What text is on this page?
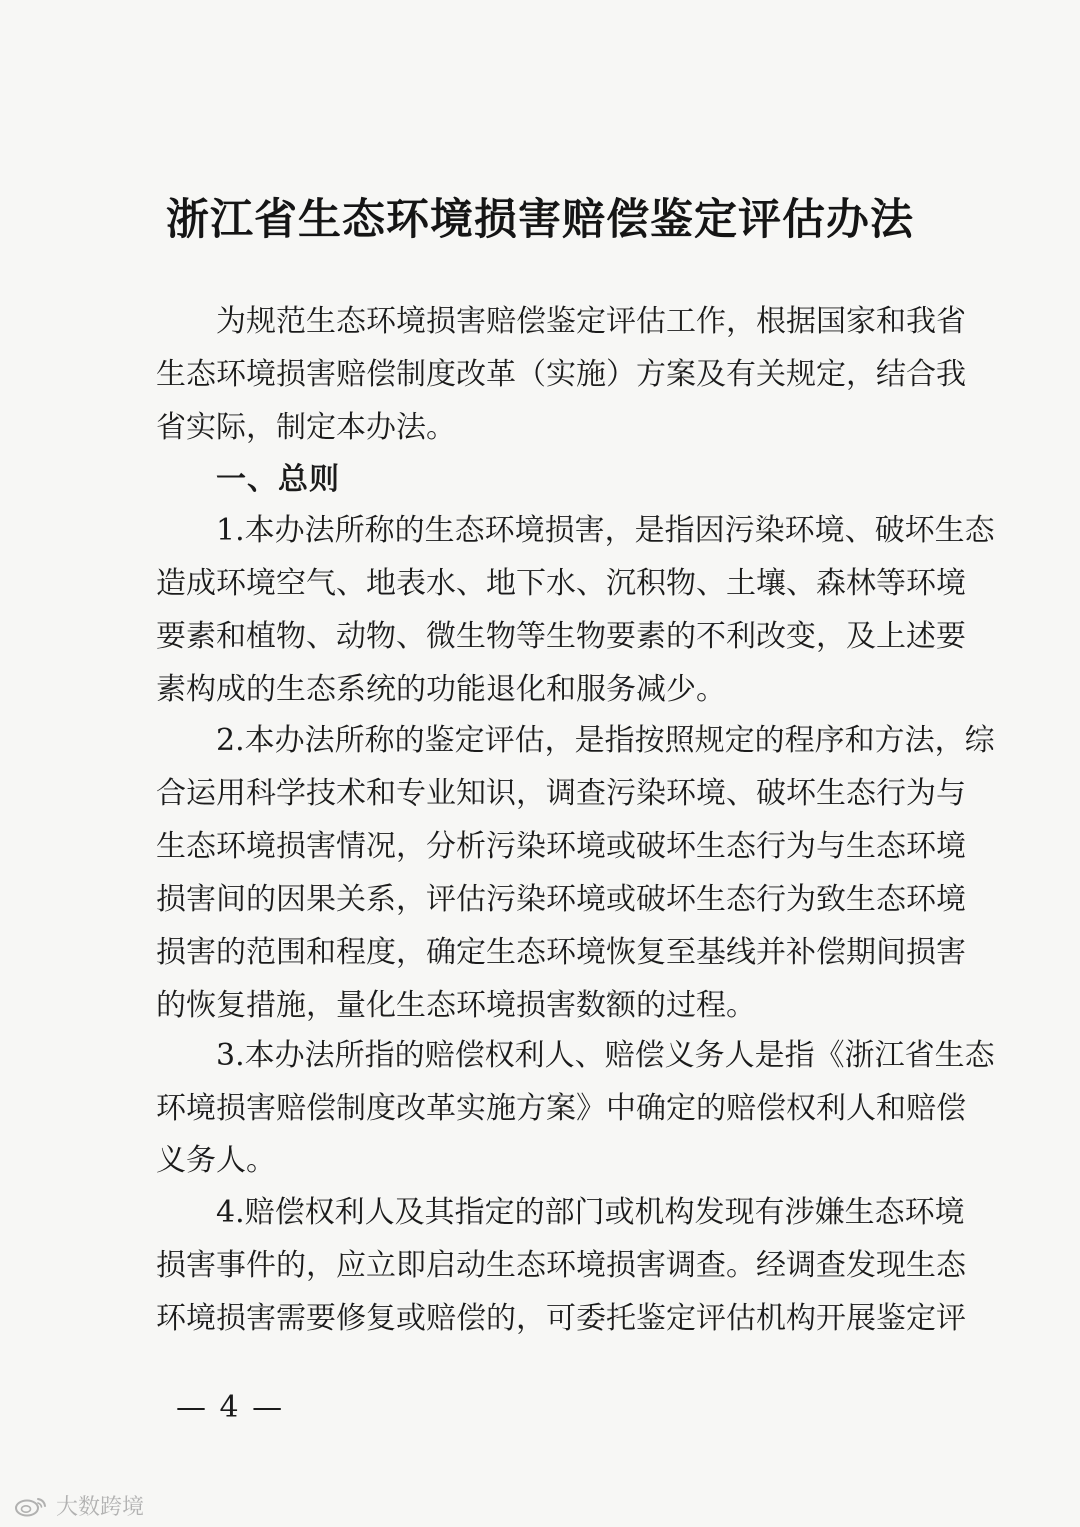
浙江省生态环境损害赔偿鉴定评估办法

为规范生态环境损害赔偿鉴定评估工作，根据国家和我省

生态环境损害赔偿制度改革（实施）方案及有关规定，结合我

省实际，制定本办法。

一、总则

1.本办法所称的生态环境损害，是指因污染环境、破坏生态

造成环境空气、地表水、地下水、沉积物、土壤、森林等环境

要素和植物、动物、微生物等生物要素的不利改变，及上述要

素构成的生态系统的功能退化和服务减少。

2.本办法所称的鉴定评估，是指按照规定的程序和方法，综

合运用科学技术和专业知识，调查污染环境、破坏生态行为与

生态环境损害情况，分析污染环境或破坏生态行为与生态环境

损害间的因果关系，评估污染环境或破坏生态行为致生态环境

损害的范围和程度，确定生态环境恢复至基线并补偿期间损害

的恢复措施，量化生态环境损害数额的过程。

3.本办法所指的赔偿权利人、赔偿义务人是指《浙江省生态

环境损害赔偿制度改革实施方案》中确定的赔偿权利人和赔偿

义务人。

4.赔偿权利人及其指定的部门或机构发现有涉嫌生态环境

损害事件的，应立即启动生态环境损害调查。经调查发现生态

环境损害需要修复或赔偿的，可委托鉴定评估机构开展鉴定评

— 4 —

大数跨境
